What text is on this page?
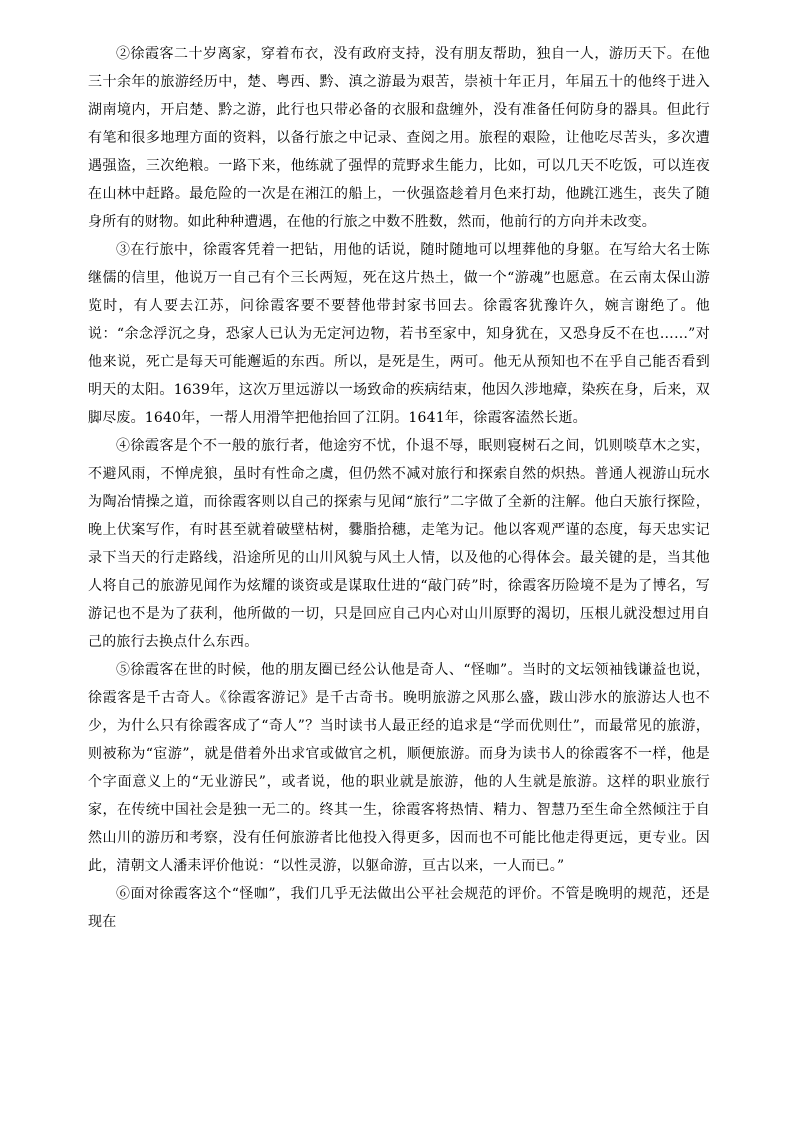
②徐霞客二十岁离家，穿着布衣，没有政府支持，没有朋友帮助，独自一人，游历天下。在他三十余年的旅游经历中，楚、粤西、黔、滇之游最为艰苦，崇祯十年正月，年届五十的他终于进入湖南境内，开启楚、黔之游，此行也只带必备的衣服和盘缠外，没有准备任何防身的器具。但此行有笔和很多地理方面的资料，以备行旅之中记录、查阅之用。旅程的艰险，让他吃尽苦头，多次遭遇强盗，三次绝粮。一路下来，他练就了强悍的荒野求生能力，比如，可以几天不吃饭，可以连夜在山林中赶路。最危险的一次是在湘江的船上，一伙强盗趁着月色来打劫，他跳江逃生，丧失了随身所有的财物。如此种种遭遇，在他的行旅之中数不胜数，然而，他前行的方向并未改变。

③在行旅中，徐霞客凭着一把钻，用他的话说，随时随地可以埋葬他的身躯。在写给大名士陈继儒的信里，他说万一自己有个三长两短，死在这片热土，做一个“游魂”也愿意。在云南太保山游览时，有人要去江苏，问徐霞客要不要替他带封家书回去。徐霞客犹豫许久，婉言谢绝了。他说：“余念浮沉之身，恐家人已认为无定河边物，若书至家中，知身犹在，又恐身反不在也……”对他来说，死亡是每天可能邂逅的东西。所以，是死是生，两可。他无从预知也不在乎自己能否看到明天的太阳。1639年，这次万里远游以一场致命的疾病结束，他因久涉地瘴，染疾在身，后来，双脚尽废。1640年，一帮人用滑竿把他抬回了江阴。1641年，徐霞客溘然长逝。

④徐霞客是个不一般的旅行者，他途穷不忧，仆退不辱，眠则寝树石之间，饥则啖草木之实，不避风雨，不惮虎狼，虽时有性命之虞，但仍然不减对旅行和探索自然的炽热。普通人视游山玩水为陶冶情操之道，而徐霞客则以自己的探索与见闻“旅行”二字做了全新的注解。他白天旅行探险，晚上伏案写作，有时甚至就着破壁枯树，爨脂拾穗，走笔为记。他以客观严谨的态度，每天忠实记录下当天的行走路线，沿途所见的山川风貌与风土人情，以及他的心得体会。最关键的是，当其他人将自己的旅游见闻作为炫耀的谈资或是谋取仕进的“敲门砖”时，徐霞客历险境不是为了博名，写游记也不是为了获利，他所做的一切，只是回应自己内心对山川原野的渴切，压根儿就没想过用自己的旅行去换点什么东西。

⑤徐霞客在世的时候，他的朋友圈已经公认他是奇人、“怪咖”。当时的文坛领袖钱谦益也说，徐霞客是千古奇人。《徐霞客游记》是千古奇书。晚明旅游之风那么盛，跋山涉水的旅游达人也不少，为什么只有徐霞客成了“奇人”？当时读书人最正经的追求是“学而优则仕”，而最常见的旅游，则被称为“宦游”，就是借着外出求官或做官之机，顺便旅游。而身为读书人的徐霞客不一样，他是个字面意义上的“无业游民”，或者说，他的职业就是旅游，他的人生就是旅游。这样的职业旅行家，在传统中国社会是独一无二的。终其一生，徐霞客将热情、精力、智慧乃至生命全然倾注于自然山川的游历和考察，没有任何旅游者比他投入得更多，因而也不可能比他走得更远，更专业。因此，清朝文人潘耒评价他说：“以性灵游，以躯命游，亘古以来，一人而已。”

⑥面对徐霞客这个“怪咖”，我们几乎无法做出公平社会规范的评价。不管是晚明的规范，还是现在
